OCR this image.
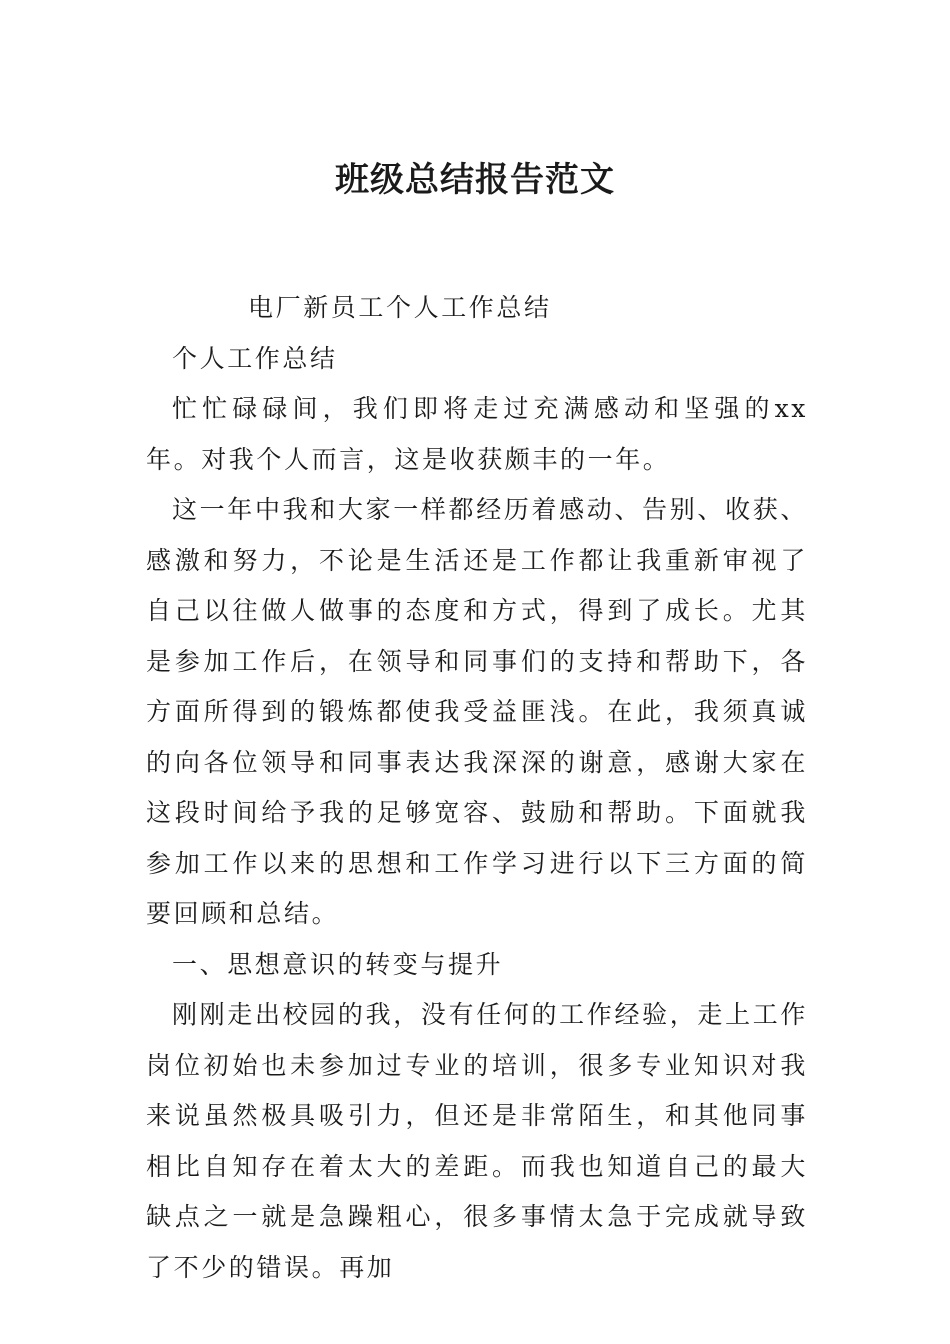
班级总结报告范文

电厂新员工个人工作总结

个人工作总结

忙忙碌碌间，我们即将走过充满感动和坚强的xx年。对我个人而言，这是收获颇丰的一年。

这一年中我和大家一样都经历着感动、告别、收获、感激和努力，不论是生活还是工作都让我重新审视了自己以往做人做事的态度和方式，得到了成长。尤其是参加工作后，在领导和同事们的支持和帮助下，各方面所得到的锻炼都使我受益匪浅。在此，我须真诚的向各位领导和同事表达我深深的谢意，感谢大家在这段时间给予我的足够宽容、鼓励和帮助。下面就我参加工作以来的思想和工作学习进行以下三方面的简要回顾和总结。

一、思想意识的转变与提升

刚刚走出校园的我，没有任何的工作经验，走上工作岗位初始也未参加过专业的培训，很多专业知识对我来说虽然极具吸引力，但还是非常陌生，和其他同事相比自知存在着太大的差距。而我也知道自己的最大缺点之一就是急躁粗心，很多事情太急于完成就导致了不少的错误。再加
